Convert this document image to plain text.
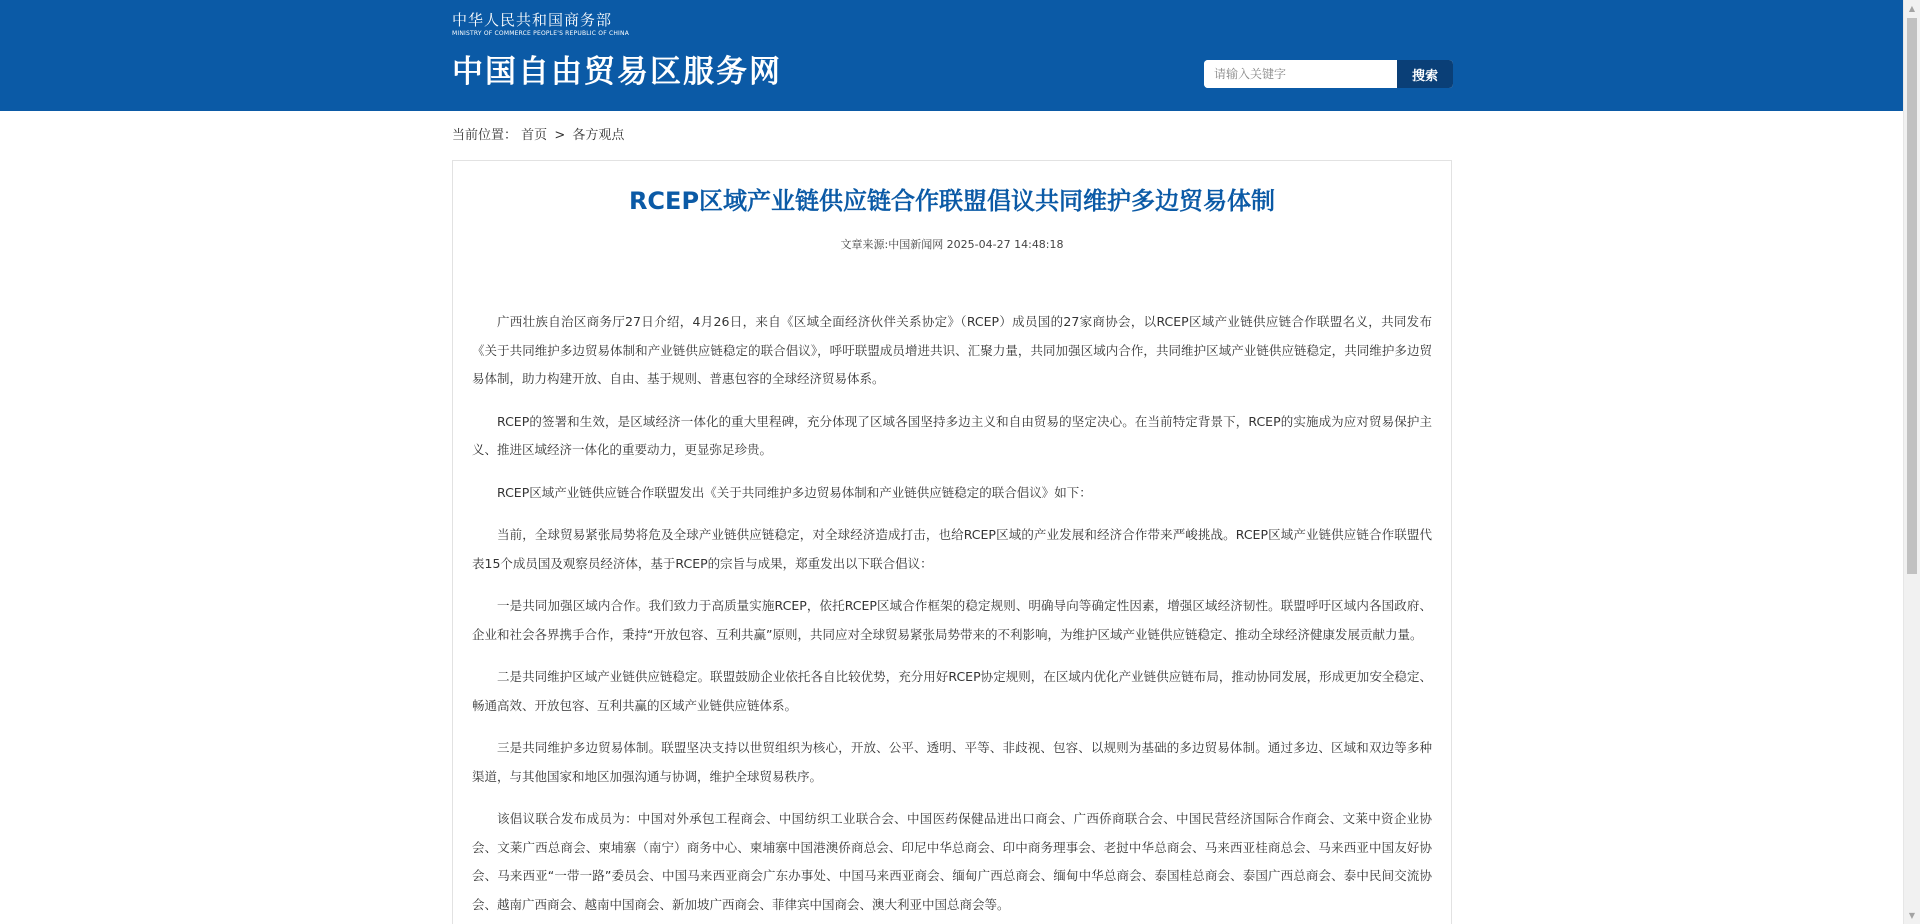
中华人民共和国商务部
MINISTRY OF COMMERCE PEOPLE'S REPUBLIC OF CHINA
中国自由贸易区服务网
请输入关键字	搜索
当前位置： 首页 > 各方观点
RCEP区域产业链供应链合作联盟倡议共同维护多边贸易体制
文章来源:中国新闻网 2025-04-27 14:48:18

广西壮族自治区商务厅27日介绍，4月26日，来自《区域全面经济伙伴关系协定》（RCEP）成员国的27家商协会，以RCEP区域产业链供应链合作联盟名义，共同发布《关于共同维护多边贸易体制和产业链供应链稳定的联合倡议》，呼吁联盟成员增进共识、汇聚力量，共同加强区域内合作，共同维护区域产业链供应链稳定，共同维护多边贸易体制，助力构建开放、自由、基于规则、普惠包容的全球经济贸易体系。

RCEP的签署和生效，是区域经济一体化的重大里程碑，充分体现了区域各国坚持多边主义和自由贸易的坚定决心。在当前特定背景下，RCEP的实施成为应对贸易保护主义、推进区域经济一体化的重要动力，更显弥足珍贵。

RCEP区域产业链供应链合作联盟发出《关于共同维护多边贸易体制和产业链供应链稳定的联合倡议》如下：

当前，全球贸易紧张局势将危及全球产业链供应链稳定，对全球经济造成打击，也给RCEP区域的产业发展和经济合作带来严峻挑战。RCEP区域产业链供应链合作联盟代表15个成员国及观察员经济体，基于RCEP的宗旨与成果，郑重发出以下联合倡议：

一是共同加强区域内合作。我们致力于高质量实施RCEP，依托RCEP区域合作框架的稳定规则、明确导向等确定性因素，增强区域经济韧性。联盟呼吁区域内各国政府、企业和社会各界携手合作，秉持“开放包容、互利共赢”原则，共同应对全球贸易紧张局势带来的不利影响，为维护区域产业链供应链稳定、推动全球经济健康发展贡献力量。

二是共同维护区域产业链供应链稳定。联盟鼓励企业依托各自比较优势，充分用好RCEP协定规则，在区域内优化产业链供应链布局，推动协同发展，形成更加安全稳定、畅通高效、开放包容、互利共赢的区域产业链供应链体系。

三是共同维护多边贸易体制。联盟坚决支持以世贸组织为核心，开放、公平、透明、平等、非歧视、包容、以规则为基础的多边贸易体制。通过多边、区域和双边等多种渠道，与其他国家和地区加强沟通与协调，维护全球贸易秩序。

该倡议联合发布成员为：中国对外承包工程商会、中国纺织工业联合会、中国医药保健品进出口商会、广西侨商联合会、中国民营经济国际合作商会、文莱中资企业协会、文莱广西总商会、柬埔寨（南宁）商务中心、柬埔寨中国港澳侨商总会、印尼中华总商会、印中商务理事会、老挝中华总商会、马来西亚桂商总会、马来西亚中国友好协会、马来西亚“一带一路”委员会、中国马来西亚商会广东办事处、中国马来西亚商会、缅甸广西总商会、缅甸中华总商会、泰国桂总商会、泰国广西总商会、泰中民间交流协会、越南广西商会、越南中国商会、新加坡广西商会、菲律宾中国商会、澳大利亚中国总商会等。

▲
▼
